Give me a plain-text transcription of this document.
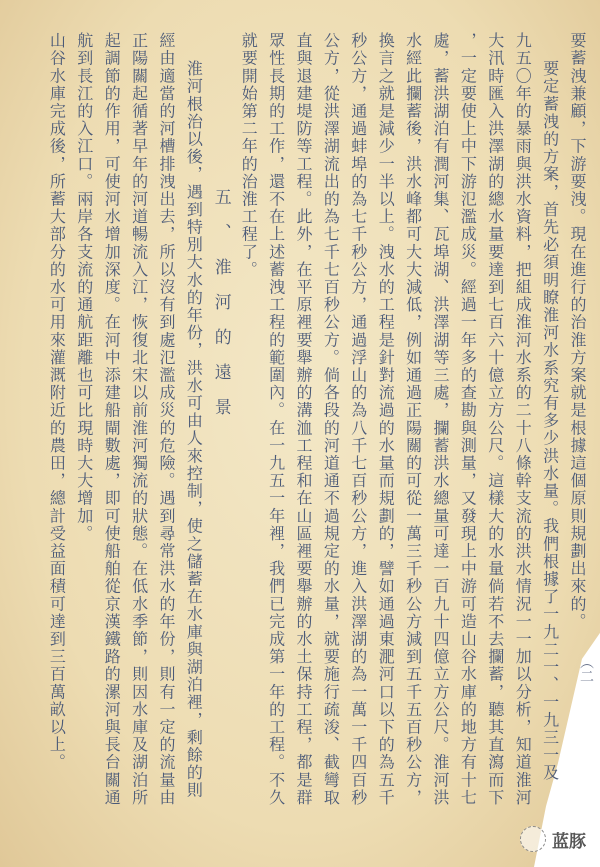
要蓄洩兼顧，下游要洩。現在進行的治淮方案就是根據這個原則規劃出來的。
要定蓄洩的方案，首先必須明瞭淮河水系究有多少洪水量。我們根據了一九二一、一九三一及
九五〇年的暴雨與洪水資料，把組成淮河水系的二十八條幹支流的洪水情況一一加以分析，知道淮河
大汛時匯入洪澤湖的總水量要達到七百六十億立方公尺。這樣大的水量倘若不去攔蓄，聽其直瀉而下
，一定要使上中下游氾濫成災。經過一年多的查勘與測量，又發現上中游可造山谷水庫的地方有十七
處，蓄洪湖泊有潤河集、瓦埠湖、洪澤湖等三處，攔蓄洪水總量可達一百九十四億立方公尺。淮河洪
水經此攔蓄後，洪水峰都可大大減低，例如通過正陽關的可從一萬三千秒公方減到五千五百秒公方，
換言之就是減少一半以上。洩水的工程是針對流過的水量而規劃的，譬如通過東淝河口以下的為五千
秒公方，通過蚌埠的為七千秒公方，通過浮山的為八千七百秒公方，進入洪澤湖的為一萬一千四百秒
公方，從洪澤湖流出的為七千七百秒公方。倘各段的河道通不過規定的水量，就要施行疏浚、截彎取
直與退建堤防等工程。此外，在平原裡要舉辦的溝洫工程和在山區裡要舉辦的水土保持工程，都是群
眾性長期的工作，還不在上述蓄洩工程的範圍內。在一九五一年裡，我們已完成第一年的工程。不久
就要開始第二年的治淮工程了。
五、淮河的遠景
淮河根治以後，遇到特別大水的年份，洪水可由人來控制，使之儲蓄在水庫與湖泊裡，剩餘的則
經由適當的河槽排洩出去，所以沒有到處氾濫成災的危險。遇到尋常洪水的年份，則有一定的流量由
正陽關起循著早年的河道暢流入江，恢復北宋以前淮河獨流的狀態。在低水季節，則因水庫及湖泊所
起調節的作用，可使河水增加深度。在河中添建船閘數處，即可使船舶從京漢鐵路的漯河與長台關通
航到長江的入江口。兩岸各支流的通航距離也可比現時大大增加。
山谷水庫完成後，所蓄大部分的水可用來灌溉附近的農田，總計受益面積可達到三百萬畝以上。	（二
蓝豚
